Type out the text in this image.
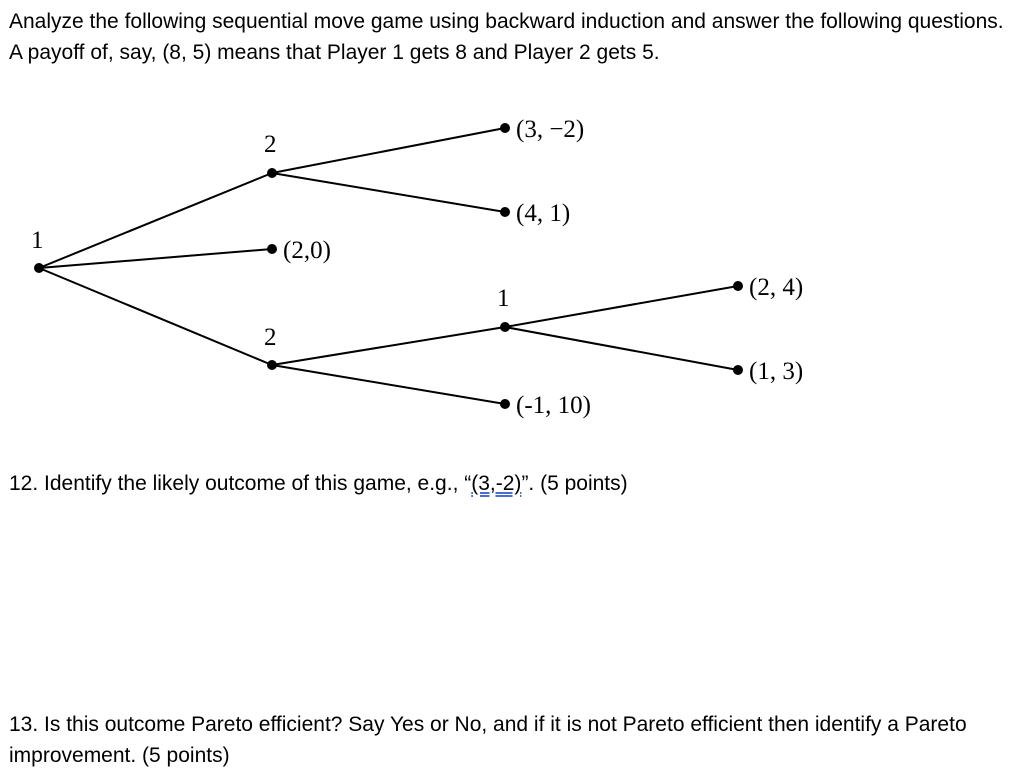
Analyze the following sequential move game using backward induction and answer the following questions. A payoff of, say, (8, 5) means that Player 1 gets 8 and Player 2 gets 5.

1
2
2
1
(3, −2)
(4, 1)
(2,0)
(2, 4)
(1, 3)
(-1, 10)

12. Identify the likely outcome of this game, e.g., “(3,-2)”. (5 points)

13. Is this outcome Pareto efficient? Say Yes or No, and if it is not Pareto efficient then identify a Pareto improvement. (5 points)
